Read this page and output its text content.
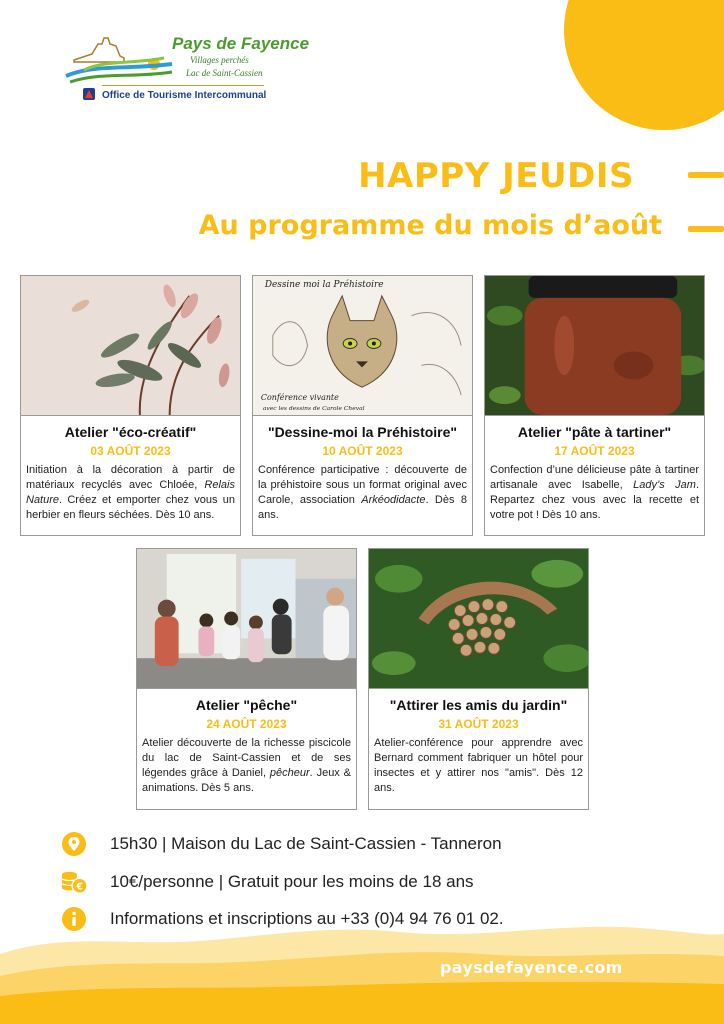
Pays de Fayence
Villages perchés
Lac de Saint-Cassien
Office de Tourisme Intercommunal
HAPPY JEUDIS
Au programme du mois d’août
Atelier "éco-créatif"
03 AOÛT 2023
Initiation à la décoration à partir de matériaux recyclés avec Chloée, Relais Nature. Créez et emporter chez vous un herbier en fleurs séchées. Dès 10 ans.
Dessine moi la Préhistoire
Conférence vivante
avec les dessins de Carole Cheval
"Dessine-moi la Préhistoire"
10 AOÛT 2023
Conférence participative : découverte de la préhistoire sous un format original avec Carole, association Arkéodidacte. Dès 8 ans.
Atelier "pâte à tartiner"
17 AOÛT 2023
Confection d’une délicieuse pâte à tartiner artisanale avec Isabelle, Lady’s Jam. Repartez chez vous avec la recette et votre pot ! Dès 10 ans.
Atelier "pêche"
24 AOÛT 2023
Atelier découverte de la richesse piscicole du lac de Saint-Cassien et de ses légendes grâce à Daniel, pêcheur. Jeux & animations. Dès 5 ans.
"Attirer les amis du jardin"
31 AOÛT 2023
Atelier-conférence pour apprendre avec Bernard comment fabriquer un hôtel pour insectes et y attirer nos "amis". Dès 12 ans.
15h30 | Maison du Lac de Saint-Cassien - Tanneron
€ 10€/personne | Gratuit pour les moins de 18 ans
Informations et inscriptions au +33 (0)4 94 76 01 02.
paysdefayence.com
